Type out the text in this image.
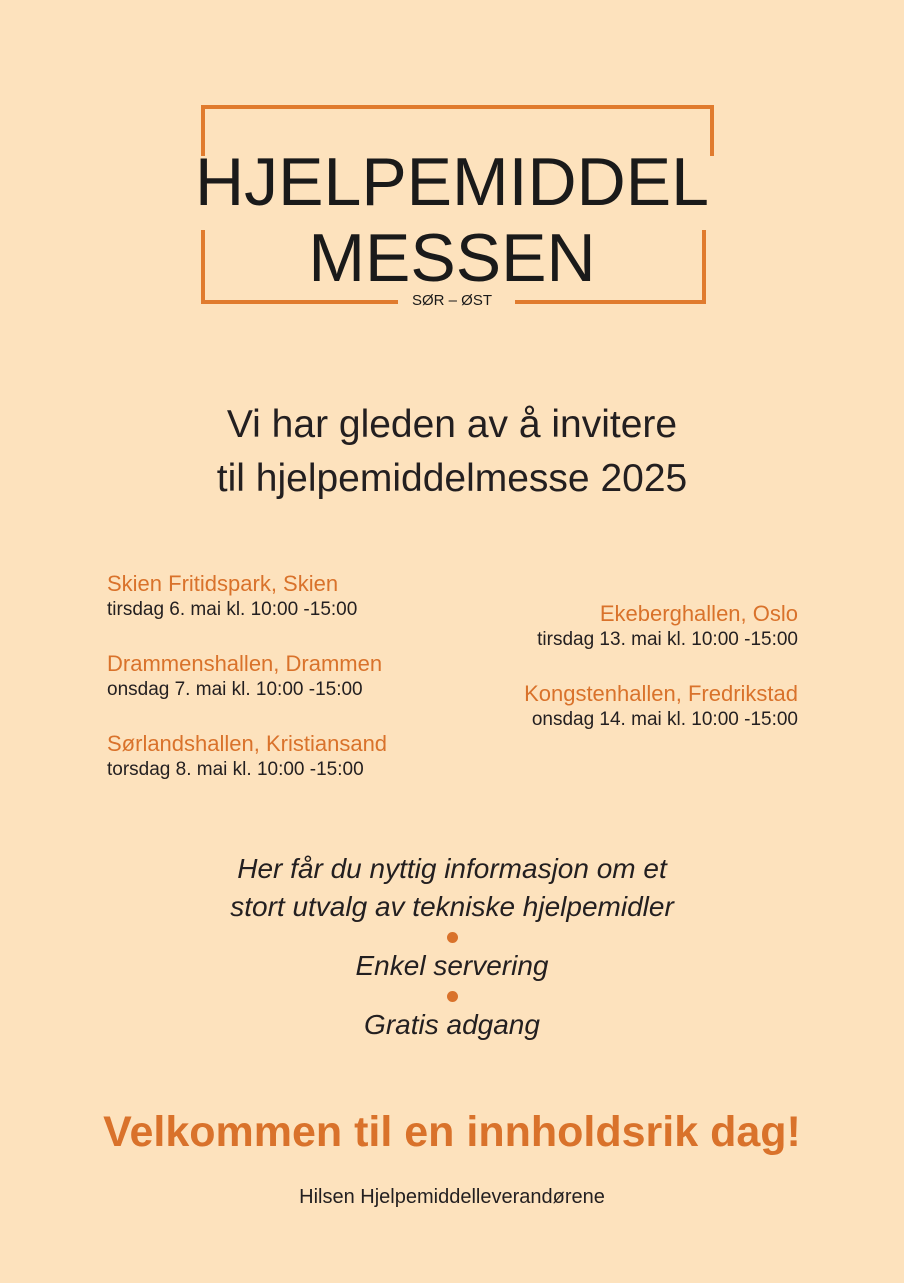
HJELPEMIDDEL
MESSEN
SØR – ØST
Vi har gleden av å invitere
til hjelpemiddelmesse 2025
Skien Fritidspark, Skien
tirsdag 6. mai kl. 10:00 -15:00
Drammenshallen, Drammen
onsdag 7. mai kl. 10:00 -15:00
Sørlandshallen, Kristiansand
torsdag 8. mai kl. 10:00 -15:00
Ekeberghallen, Oslo
tirsdag 13. mai kl. 10:00 -15:00
Kongstenhallen, Fredrikstad
onsdag 14. mai kl. 10:00 -15:00
Her får du nyttig informasjon om et
stort utvalg av tekniske hjelpemidler
Enkel servering
Gratis adgang
Velkommen til en innholdsrik dag!
Hilsen Hjelpemiddelleverandørene
